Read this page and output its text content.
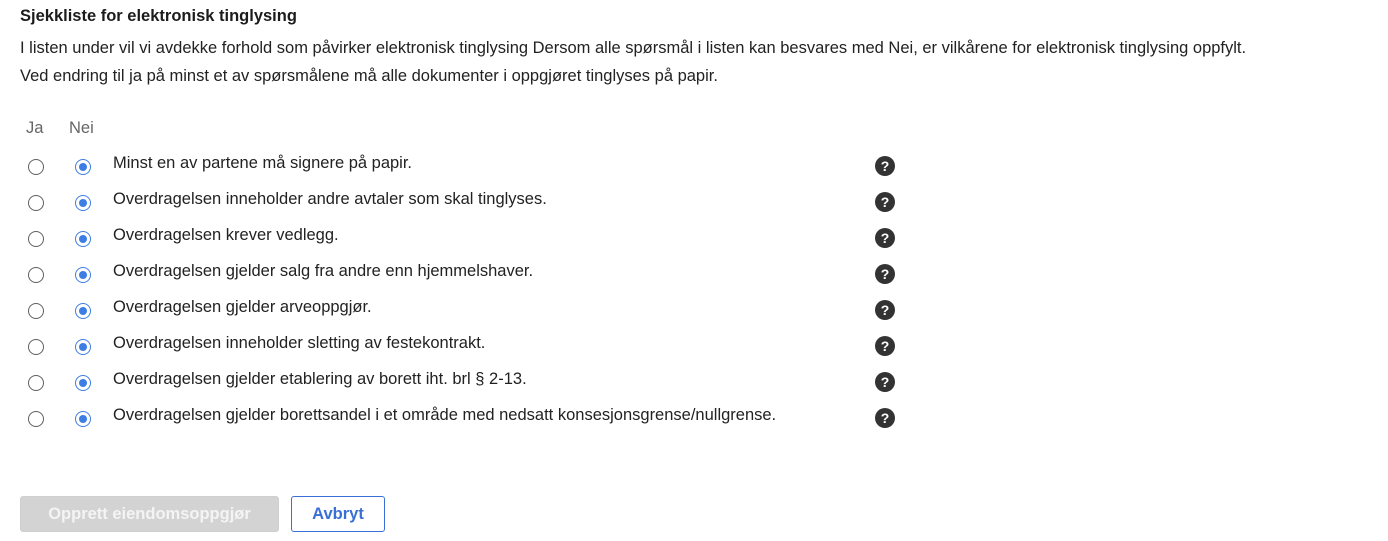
Sjekkliste for elektronisk tinglysing
I listen under vil vi avdekke forhold som påvirker elektronisk tinglysing Dersom alle spørsmål i listen kan besvares med Nei, er vilkårene for elektronisk tinglysing oppfylt.
Ved endring til ja på minst et av spørsmålene må alle dokumenter i oppgjøret tinglyses på papir.
Ja Nei
Minst en av partene må signere på papir.	?
Overdragelsen inneholder andre avtaler som skal tinglyses.	?
Overdragelsen krever vedlegg.	?
Overdragelsen gjelder salg fra andre enn hjemmelshaver.	?
Overdragelsen gjelder arveoppgjør.	?
Overdragelsen inneholder sletting av festekontrakt.	?
Overdragelsen gjelder etablering av borett iht. brl § 2-13.	?
Overdragelsen gjelder borettsandel i et område med nedsatt konsesjonsgrense/nullgrense.	?
Opprett eiendomsoppgjør	Avbryt
